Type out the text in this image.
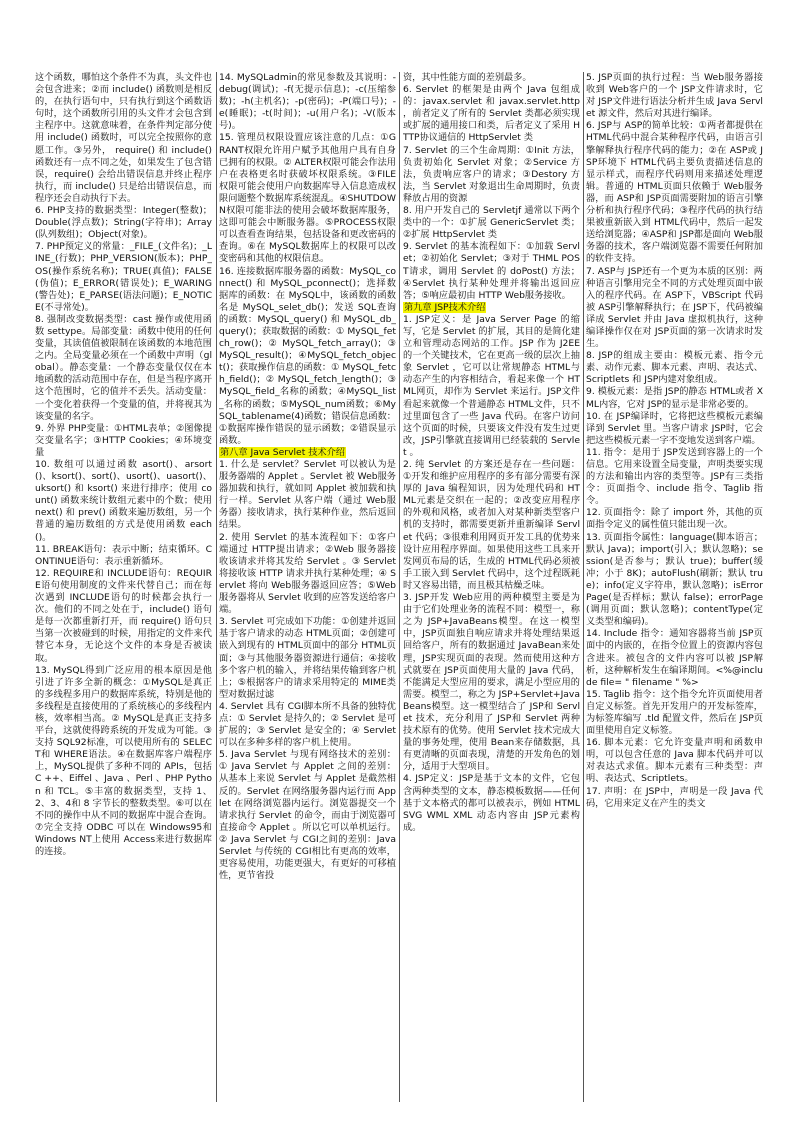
这个函数，哪怕这个条件不为真，头文件也会包含进来；②而 include() 函数则是相反的，在执行语句中，只有执行到这个函数语句时，这个函数所引用的头文件才会包含到主程序中。这就意味着，在条件判定部分使用 include() 函数时，可以完全按照你的意愿工作。③另外， require() 和 include() 函数还有一点不同之处，如果发生了包含错误，require() 会给出错误信息并终止程序执行，而 include() 只是给出错误信息，而程序还会自动执行下去。

6. PHP支持的数据类型：Integer(整数)；Double(浮点数)；String(字符串)；Array(队列数组)；Object(对象)。

7. PHP预定义的常量：_FILE_(文件名)；_LINE_(行数)；PHP_VERSION(版本)；PHP_OS(操作系统名称)；TRUE(真值)；FALSE(伪值)；E_ERROR(错误处)；E_WARING(警告处)；E_PARSE(语法问题)；E_NOTICE(不寻常处)。

8. 强制改变数据类型：cast 操作或使用函数 settype。局部变量：函数中使用的任何变量，其读值值被限制在该函数的本地范围之内。全局变量必须在一个函数中声明（global）。静态变量：一个静态变量仅仅在本地函数的活动范围中存在，但是当程序离开这个范围时，它的值并不丢失。活动变量：一个变化着获得一个变量的值，并将视其为该变量的名字。

9. 外界 PHP变量：①HTML表单；②图像提交变量名字；③HTTP Cookies；④环境变量

10. 数组可以通过函数 asort()、arsort()、ksort()、sort()、usort()、uasort()、uksort() 和 ksort() 来进行排序；使用 count() 函数来统计数组元素中的个数；使用 next() 和 prev() 函数来遍历数组，另一个普通的遍历数组的方式是使用函数 each()。

11. BREAK语句：表示中断；结束循环。CONTINUE语句：表示重新循环。

12. REQUIRE和 INCLUDE语句：REQUIRE语句使用制度的文件来代替自己；而在每次遇到 INCLUDE语句的时候都会执行一次。他们的不同之处在于，include() 语句是每一次都重新打开，而 require() 语句只当第一次被碰到的时候，用指定的文件来代替它本身，无论这个文件的本身是否被读取。

13. MySQL得到广泛应用的根本原因是他引进了许多全新的概念：①MySQL是真正的多线程多用户的数据库系统，特别是他的多线程是直接使用的了系统核心的多线程内核，效率相当高。② MySQL是真正支持多平台，这就使得跨系统的开发成为可能。③支持 SQL92标准，可以使用所有的 SELECT和 WHERE语法。④在数据库客户端程序上，MySQL提供了多种不同的 APIs，包括 C ++、Eiffel 、Java 、Perl 、PHP Python 和 TCL。⑤丰富的数据类型，支持 1、2、3、4和 8 字节长的整数类型。⑥可以在不同的操作中从不同的数据库中混合查询。⑦完全支持 ODBC 可以在 Windows95和 Windows NT上使用 Access来进行数据库的连接。

14. MySQLadmin的常见参数及其说明：-debug(调试)；-f(无提示信息)；-c(压缩参数)；-h(主机名)；-p(密码)；-P(端口号)；-e(睡眠)；-t(时间)；-u(用户名)；-V(版本号)。

15. 管理员权限设置应该注意的几点：①GRANT权限允许用户赋予其他用户具有自身已拥有的权限。② ALTER权限可能会作法用户在表格更名时获破坏权限系统。③FILE 权限可能会使用户向数据库导入信息造成权限问题整个数据库系统混乱。④SHUTDOWN权限可能非法的使用会破坏数据库服务，这即可能会中断服务器。⑤PROCESS权限可以查看查询结果，包括设备和更改密码的查询。⑥在 MySQL数据库上的权限可以改变密码和其他的权限信息。

16. 连接数据库服务器的函数：MySQL_connect() 和 MySQL_pconnect()；选择数据库的函数：在 MySQL中，该函数的函数名是 MySQL_selet_db()；发送 SQL查询的函数：MySQL_query() 和 MySQL_db_query()；获取数据的函数：① MySQL_fetch_row()；② MySQL_fetch_array()；③MySQL_result()；④MySQL_fetch_object()；获取操作信息的函数：① MySQL_fetch_field()；② MySQL_fetch_length()；③MySQL_field_名称的函数；④MySQL_list_名称的函数；⑤MySQL_num函数；⑥MySQL_tablename(4)函数；错误信息函数：①数据库操作错误的显示函数；②错误显示函数。

第八章 Java Servlet 技术介绍

1. 什么是 servlet？Servlet 可以被认为是服务器端的 Applet 。Servlet 被 Web服务器加载和执行，就如同 Applet 被加载和执行一样。Servlet 从客户端（通过 Web服务器）接收请求，执行某种作业，然后返回结果。

2. 使用 Servlet 的基本流程如下：①客户端通过 HTTP提出请求；②Web 服务器接收该请求并将其发给 Servlet 。③ Servlet 将接收该 HTTP 请求并执行某种处理；④ Servlet 将向 Web服务器返回应答；⑤Web服务器将从 Servlet 收到的应答发送给客户端。

3. Servlet 可完成如下功能：①创建并返回基于客户请求的动态 HTML页面；②创建可嵌入到现有的 HTML页面中的部分 HTML页面；③与其他服务器资源进行通信；④接收多个客户机的输入，并将结果传输到客户机上；⑤根据客户的请求采用特定的 MIME类型对数据过滤

4. Servlet 具有 CGI脚本所不具备的独特优点：① Servlet 是持久的；② Servlet 是可扩展的；③ Servlet 是安全的；④ Servlet 可以在多种多样的客户机上使用。

5. Java Servlet 与现有网络技术的差别：① Java Servlet 与 Applet 之间的差别：从基本上来说 Servlet 与 Applet 是截然相反的。Servlet 在网络服务器内运行而 Applet 在网络浏览器内运行。浏览器提交一个请求执行 Servlet 的命令，而由于浏览器可直接命令 Applet 。所以它可以单机运行。② Java Servlet 与 CGI之间的差别：Java Servlet 与传统的 CGI相比有更高的效率，更容易使用，功能更强大，有更好的可移植性，更节省投

资，其中性能方面的差别最多。

6. Servlet 的框架是由两个 Java 包组成的：javax.servlet 和 javax.servlet.http ，前者定义了所有的 Servlet 类都必须实现或扩展的通用接口和类，后者定义了采用 HTTP协议通信的 HttpServlet 类

7. Servlet 的三个生命周期：①Init 方法，负责初始化 Servlet 对象；②Service 方法，负责响应客户的请求；③Destory 方法，当 Servlet 对象退出生命周期时，负责释放占用的资源

8. 用户开发自己的 Servletjf 通常以下两个类中的一个：①扩展 GenericServlet 类；②扩展 HttpServlet 类

9. Servlet 的基本流程如下：①加载 Servlet；②初始化 Servlet；③对于 THML POST请求，调用 Servlet 的 doPost() 方法；④Servlet 执行某种处理并将输出返回应答；⑤响应最初由 HTTP Web服务接收。

第九章 JSP技术介绍

1. JSP定义：是 Java Server Page 的缩写，它是 Servlet 的扩展，其目的是简化建立和管理动态网站的工作。JSP 作为 J2EE的一个关键技术，它在更高一级的层次上抽象 Servlet ，它可以让常规静态 HTML与动态产生的内容相结合，看起来像一个 HTML网页，却作为 Servlet 来运行。JSP文件看起来就像一个普通静态 HTML文件，只不过里面包含了一些 Java 代码。在客户访问这个页面的时候，只要该文件没有发生过更改，JSP引擎就直接调用已经装载的 Servlet 。

2. 纯 Servlet 的方案还是存在一些问题：①开发和维护应用程序的多有部分需要有深厚的 Java 编程知识，因为处理代码和 HTML元素是交织在一起的；②改变应用程序的外观和风格，或者加入对某种新类型客户机的支持时，都需要更新并重新编译 Servlet 代码；③很难利用网页开发工具的优势来设计应用程序界面。如果使用这些工具来开发网页布局的话，生成的 HTML代码必须被手工嵌入到 Servlet 代码中，这个过程既耗时又容易出错，而且极其枯燥乏味。

3. JSP开发 Web应用的两种模型主要是为由于它们处理业务的流程不同：模型一，称之为 JSP+JavaBeans模型。在这一模型中，JSP页面独自响应请求并将处理结果返回给客户，所有的数据通过 JavaBean来处理，JSP实现页面的表现。然而使用这种方式就要在 JSP页面使用大量的 Java 代码，不能满足大型应用的要求，满足小型应用的需要。模型二，称之为 JSP+Servlet+JavaBeans模型。这一模型结合了 JSP和 Servlet 技术，充分利用了 JSP和 Servlet 两种技术原有的优势。使用 Servlet 技术完成大量的事务处理，使用 Bean来存储数据，具有更清晰的页面表现，清楚的开发角色的划分，适用于大型项目。

4. JSP定义：JSP是基于文本的文件，它包含两种类型的文本，静态模板数据——任何基于文本格式的都可以被表示，例如 HTML SVG WML XML 动态内容由 JSP元素构成。

5. JSP页面的执行过程：当 Web服务器接收到 Web客户的一个 JSP文件请求时，它对 JSP文件进行语法分析并生成 Java Servlet 源文件，然后对其进行编译。

6. JSP与 ASP的简单比较：①两者都提供在 HTML代码中混合某种程序代码，由语言引擎解释执行程序代码的能力；②在 ASP或 JSP环境下 HTML代码主要负责描述信息的显示样式，而程序代码则用来描述处理逻辑。普通的 HTML页面只依赖于 Web服务器，而 ASP和 JSP页面需要附加的语言引擎分析和执行程序代码；③程序代码的执行结果被重新嵌入到 HTML代码中，然后一起发送给浏览器；④ASP和 JSP都是面向 Web服务器的技术，客户端浏览器不需要任何附加的软件支持。

7. ASP与 JSP还有一个更为本质的区别：两种语言引擎用完全不同的方式处理页面中嵌入的程序代码。在 ASP下，VBScript 代码被 ASP引擎解释执行；在 JSP下，代码被编译成 Servlet 并由 Java 虚拟机执行，这种编译操作仅在对 JSP页面的第一次请求时发生。

8. JSP的组成主要由：模板元素、指令元素、动作元素、脚本元素、声明、表达式、Scriptlets 和 JSP内建对象组成。

9. 模板元素：是指 JSP的静态 HTML或者 XML内容，它对 JSP的显示是非常必要的。

10. 在 JSP编译时，它将把这些模板元素编译到 Servlet 里。当客户请求 JSP时，它会把这些模板元素一字不变地发送到客户端。

11. 指令：是用于 JSP发送到容器上的一个信息。它用来设置全局变量，声明类要实现的方法和输出内容的类型等。JSP有三类指令：页面指令、include 指令、Taglib 指令。

12. 页面指令：除了 import 外，其他的页面指令定义的属性值只能出现一次。

13. 页面指令属性：language(脚本语言；默认 Java)；import(引入；默认忽略)；session(是否参与；默认 true)；buffer(缓冲；小于 8K)；autoFlush(刷新；默认 true)；info(定义字符串，默认忽略)；isErrorPage(是否样标；默认 false)；errorPage(调用页面；默认忽略)；contentType(定义类型和编码)。

14. Include 指令：通知容器将当前 JSP页面中的内嵌的，在指令位置上的资源内容包含进来。被包含的文件内容可以被 JSP解析，这种解析发生在编译期间。<%@include file= " filename " %>

15. Taglib 指令：这个指令允许页面使用者自定义标签。首先开发用户的开发标签库，为标签库编写 .tld 配置文件，然后在 JSP页面里使用自定义标签。

16. 脚本元素：它允许变量声明和函数申明，可以包含任意的 Java 脚本代码并可以对表达式求值。脚本元素有三种类型：声明、表达式、Scriptlets。

17. 声明：在 JSP中，声明是一段 Java 代码，它用来定义在产生的类文
